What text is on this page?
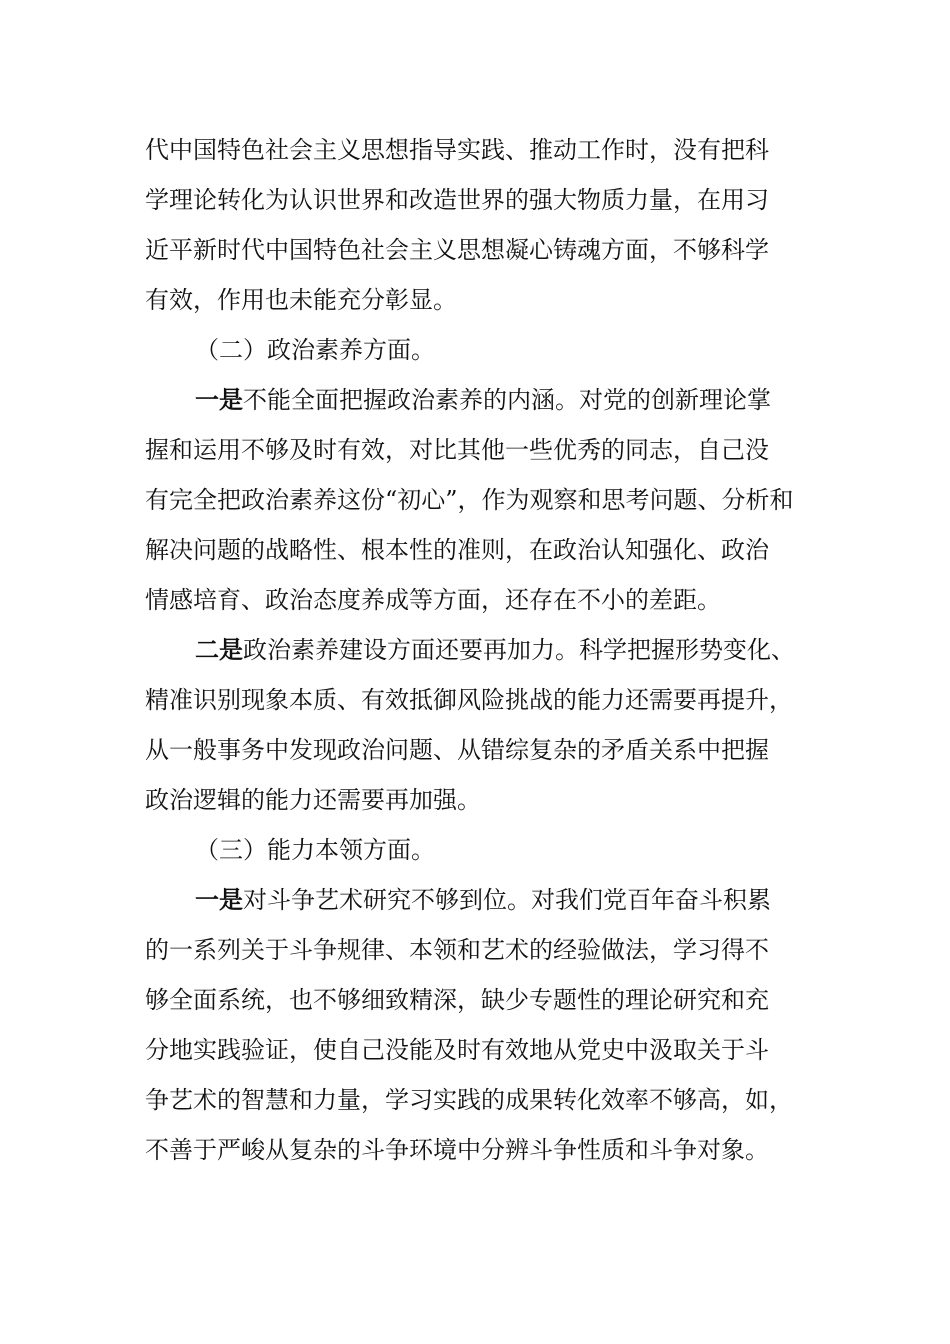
代中国特色社会主义思想指导实践、推动工作时，没有把科
学理论转化为认识世界和改造世界的强大物质力量，在用习
近平新时代中国特色社会主义思想凝心铸魂方面，不够科学
有效，作用也未能充分彰显。
（二）政治素养方面。
一是不能全面把握政治素养的内涵。对党的创新理论掌
握和运用不够及时有效，对比其他一些优秀的同志，自己没
有完全把政治素养这份“初心”，作为观察和思考问题、分析和
解决问题的战略性、根本性的准则，在政治认知强化、政治
情感培育、政治态度养成等方面，还存在不小的差距。
二是政治素养建设方面还要再加力。科学把握形势变化、
精准识别现象本质、有效抵御风险挑战的能力还需要再提升，
从一般事务中发现政治问题、从错综复杂的矛盾关系中把握
政治逻辑的能力还需要再加强。
（三）能力本领方面。
一是对斗争艺术研究不够到位。对我们党百年奋斗积累
的一系列关于斗争规律、本领和艺术的经验做法，学习得不
够全面系统，也不够细致精深，缺少专题性的理论研究和充
分地实践验证，使自己没能及时有效地从党史中汲取关于斗
争艺术的智慧和力量，学习实践的成果转化效率不够高，如，
不善于严峻从复杂的斗争环境中分辨斗争性质和斗争对象。
